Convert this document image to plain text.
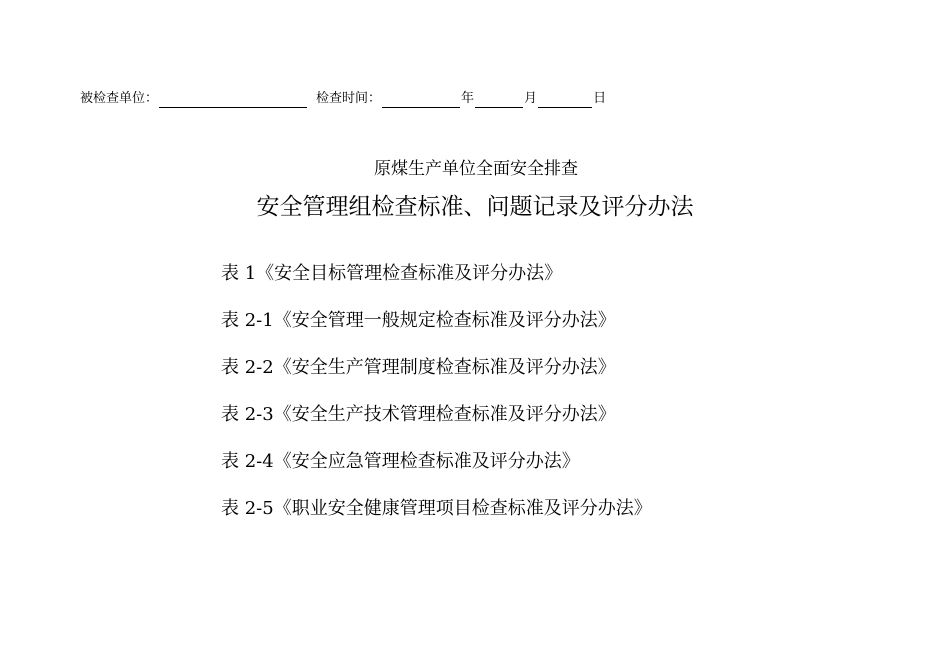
被检查单位：	检查时间：	年	月	日
原煤生产单位全面安全排查
安全管理组检查标准、问题记录及评分办法
表 1《安全目标管理检查标准及评分办法》
表 2-1《安全管理一般规定检查标准及评分办法》
表 2-2《安全生产管理制度检查标准及评分办法》
表 2-3《安全生产技术管理检查标准及评分办法》
表 2-4《安全应急管理检查标准及评分办法》
表 2-5《职业安全健康管理项目检查标准及评分办法》
